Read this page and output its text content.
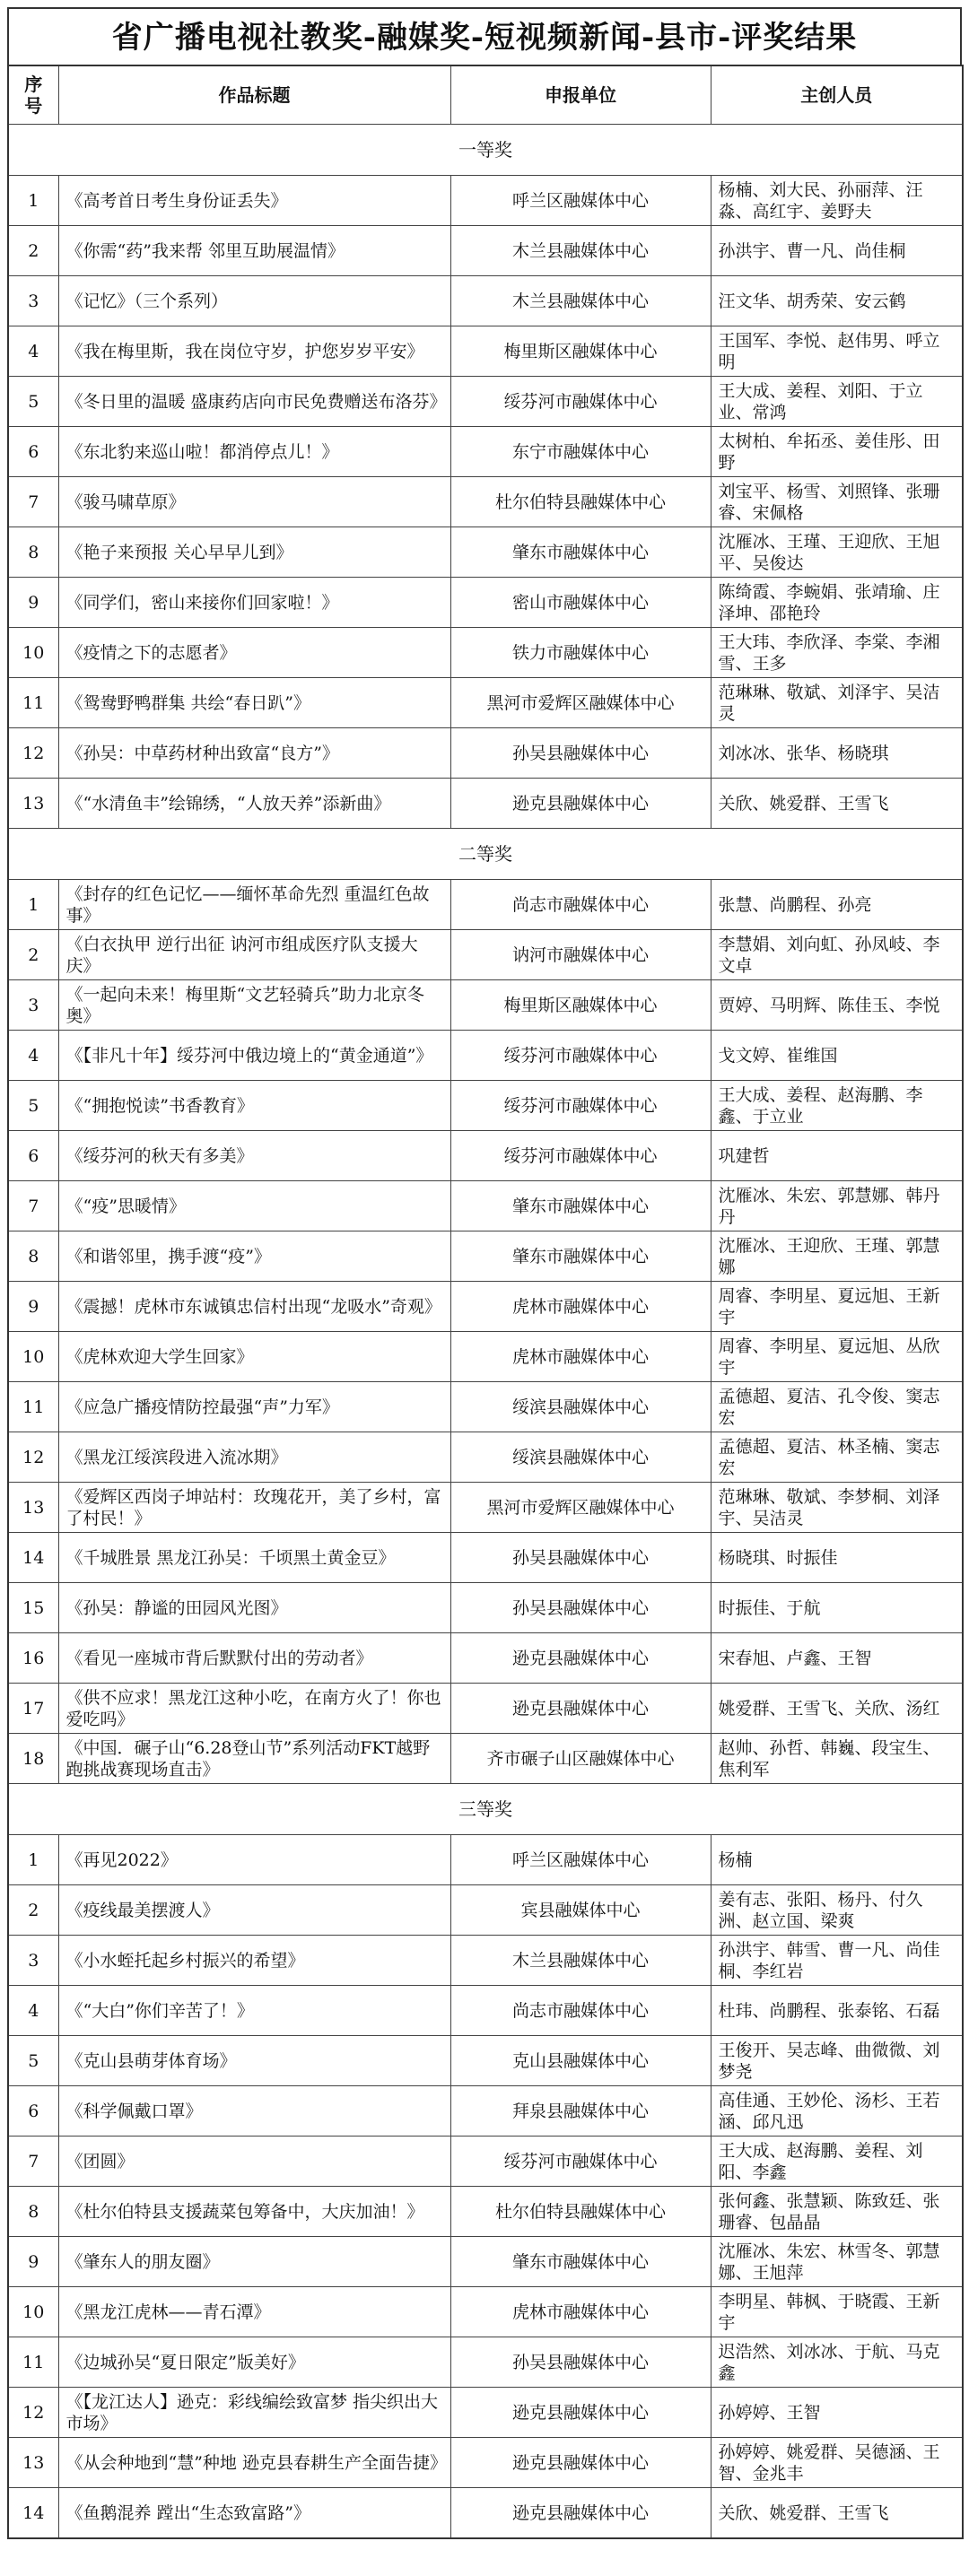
省广播电视社教奖-融媒奖-短视频新闻-县市-评奖结果
序号	作品标题	申报单位	主创人员
一等奖			
1	《高考首日考生身份证丢失》	呼兰区融媒体中心	杨楠、刘大民、孙丽萍、汪淼、高红宇、姜野夫
2	《你需“药”我来帮 邻里互助展温情》	木兰县融媒体中心	孙洪宇、曹一凡、尚佳桐
3	《记忆》（三个系列）	木兰县融媒体中心	汪文华、胡秀荣、安云鹤
4	《我在梅里斯，我在岗位守岁，护您岁岁平安》	梅里斯区融媒体中心	王国军、李悦、赵伟男、呼立明
5	《冬日里的温暖 盛康药店向市民免费赠送布洛芬》	绥芬河市融媒体中心	王大成、姜程、刘阳、于立业、常鸿
6	《东北豹来巡山啦！都消停点儿！》	东宁市融媒体中心	太树柏、牟拓丞、姜佳彤、田野
7	《骏马啸草原》	杜尔伯特县融媒体中心	刘宝平、杨雪、刘照锋、张珊睿、宋佩格
8	《艳子来预报 关心早早儿到》	肇东市融媒体中心	沈雁冰、王瑾、王迎欣、王旭平、吴俊达
9	《同学们，密山来接你们回家啦！》	密山市融媒体中心	陈绮霞、李蜿娟、张靖瑜、庄泽坤、邵艳玲
10	《疫情之下的志愿者》	铁力市融媒体中心	王大玮、李欣泽、李棠、李湘雪、王多
11	《鸳鸯野鸭群集 共绘“春日趴”》	黑河市爱辉区融媒体中心	范琳琳、敬斌、刘泽宇、吴洁灵
12	《孙吴：中草药材种出致富“良方”》	孙吴县融媒体中心	刘冰冰、张华、杨晓琪
13	《“水清鱼丰”绘锦绣，“人放天养”添新曲》	逊克县融媒体中心	关欣、姚爱群、王雪飞
二等奖			
1	《封存的红色记忆——缅怀革命先烈 重温红色故事》	尚志市融媒体中心	张慧、尚鹏程、孙亮
2	《白衣执甲 逆行出征 讷河市组成医疗队支援大庆》	讷河市融媒体中心	李慧娟、刘向虹、孙凤岐、李文卓
3	《一起向未来！梅里斯“文艺轻骑兵”助力北京冬奥》	梅里斯区融媒体中心	贾婷、马明辉、陈佳玉、李悦
4	《【非凡十年】绥芬河中俄边境上的“黄金通道”》	绥芬河市融媒体中心	戈文婷、崔维国
5	《“拥抱悦读”书香教育》	绥芬河市融媒体中心	王大成、姜程、赵海鹏、李鑫、于立业
6	《绥芬河的秋天有多美》	绥芬河市融媒体中心	巩建哲
7	《“疫”思暖情》	肇东市融媒体中心	沈雁冰、朱宏、郭慧娜、韩丹丹
8	《和谐邻里，携手渡“疫”》	肇东市融媒体中心	沈雁冰、王迎欣、王瑾、郭慧娜
9	《震撼！虎林市东诚镇忠信村出现“龙吸水”奇观》	虎林市融媒体中心	周睿、李明星、夏远旭、王新宇
10	《虎林欢迎大学生回家》	虎林市融媒体中心	周睿、李明星、夏远旭、丛欣宇
11	《应急广播疫情防控最强“声”力军》	绥滨县融媒体中心	孟德超、夏洁、孔令俊、窦志宏
12	《黑龙江绥滨段进入流冰期》	绥滨县融媒体中心	孟德超、夏洁、林圣楠、窦志宏
13	《爱辉区西岗子坤站村：玫瑰花开，美了乡村，富了村民！》	黑河市爱辉区融媒体中心	范琳琳、敬斌、李梦桐、刘泽宇、吴洁灵
14	《千城胜景 黑龙江孙吴：千顷黑土黄金豆》	孙吴县融媒体中心	杨晓琪、时振佳
15	《孙吴：静谧的田园风光图》	孙吴县融媒体中心	时振佳、于航
16	《看见一座城市背后默默付出的劳动者》	逊克县融媒体中心	宋春旭、卢鑫、王智
17	《供不应求！黑龙江这种小吃，在南方火了！你也爱吃吗》	逊克县融媒体中心	姚爱群、王雪飞、关欣、汤红
18	《中国．碾子山“6.28登山节”系列活动FKT越野跑挑战赛现场直击》	齐市碾子山区融媒体中心	赵帅、孙哲、韩巍、段宝生、焦利军
三等奖			
1	《再见2022》	呼兰区融媒体中心	杨楠
2	《疫线最美摆渡人》	宾县融媒体中心	姜有志、张阳、杨丹、付久洲、赵立国、梁爽
3	《小水蛭托起乡村振兴的希望》	木兰县融媒体中心	孙洪宇、韩雪、曹一凡、尚佳桐、李红岩
4	《“大白”你们辛苦了！》	尚志市融媒体中心	杜玮、尚鹏程、张泰铭、石磊
5	《克山县萌芽体育场》	克山县融媒体中心	王俊开、吴志峰、曲微微、刘梦尧
6	《科学佩戴口罩》	拜泉县融媒体中心	高佳通、王妙伦、汤杉、王若涵、邱凡迅
7	《团圆》	绥芬河市融媒体中心	王大成、赵海鹏、姜程、刘阳、李鑫
8	《杜尔伯特县支援蔬菜包筹备中，大庆加油！》	杜尔伯特县融媒体中心	张何鑫、张慧颖、陈致廷、张珊睿、包晶晶
9	《肇东人的朋友圈》	肇东市融媒体中心	沈雁冰、朱宏、林雪冬、郭慧娜、王旭萍
10	《黑龙江虎林——青石潭》	虎林市融媒体中心	李明星、韩枫、于晓霞、王新宇
11	《边城孙吴“夏日限定”版美好》	孙吴县融媒体中心	迟浩然、刘冰冰、于航、马克鑫
12	《【龙江达人】逊克：彩线编绘致富梦 指尖织出大市场》	逊克县融媒体中心	孙婷婷、王智
13	《从会种地到“慧”种地 逊克县春耕生产全面告捷》	逊克县融媒体中心	孙婷婷、姚爱群、吴德涵、王智、金兆丰
14	《鱼鹅混养 蹚出“生态致富路”》	逊克县融媒体中心	关欣、姚爱群、王雪飞
